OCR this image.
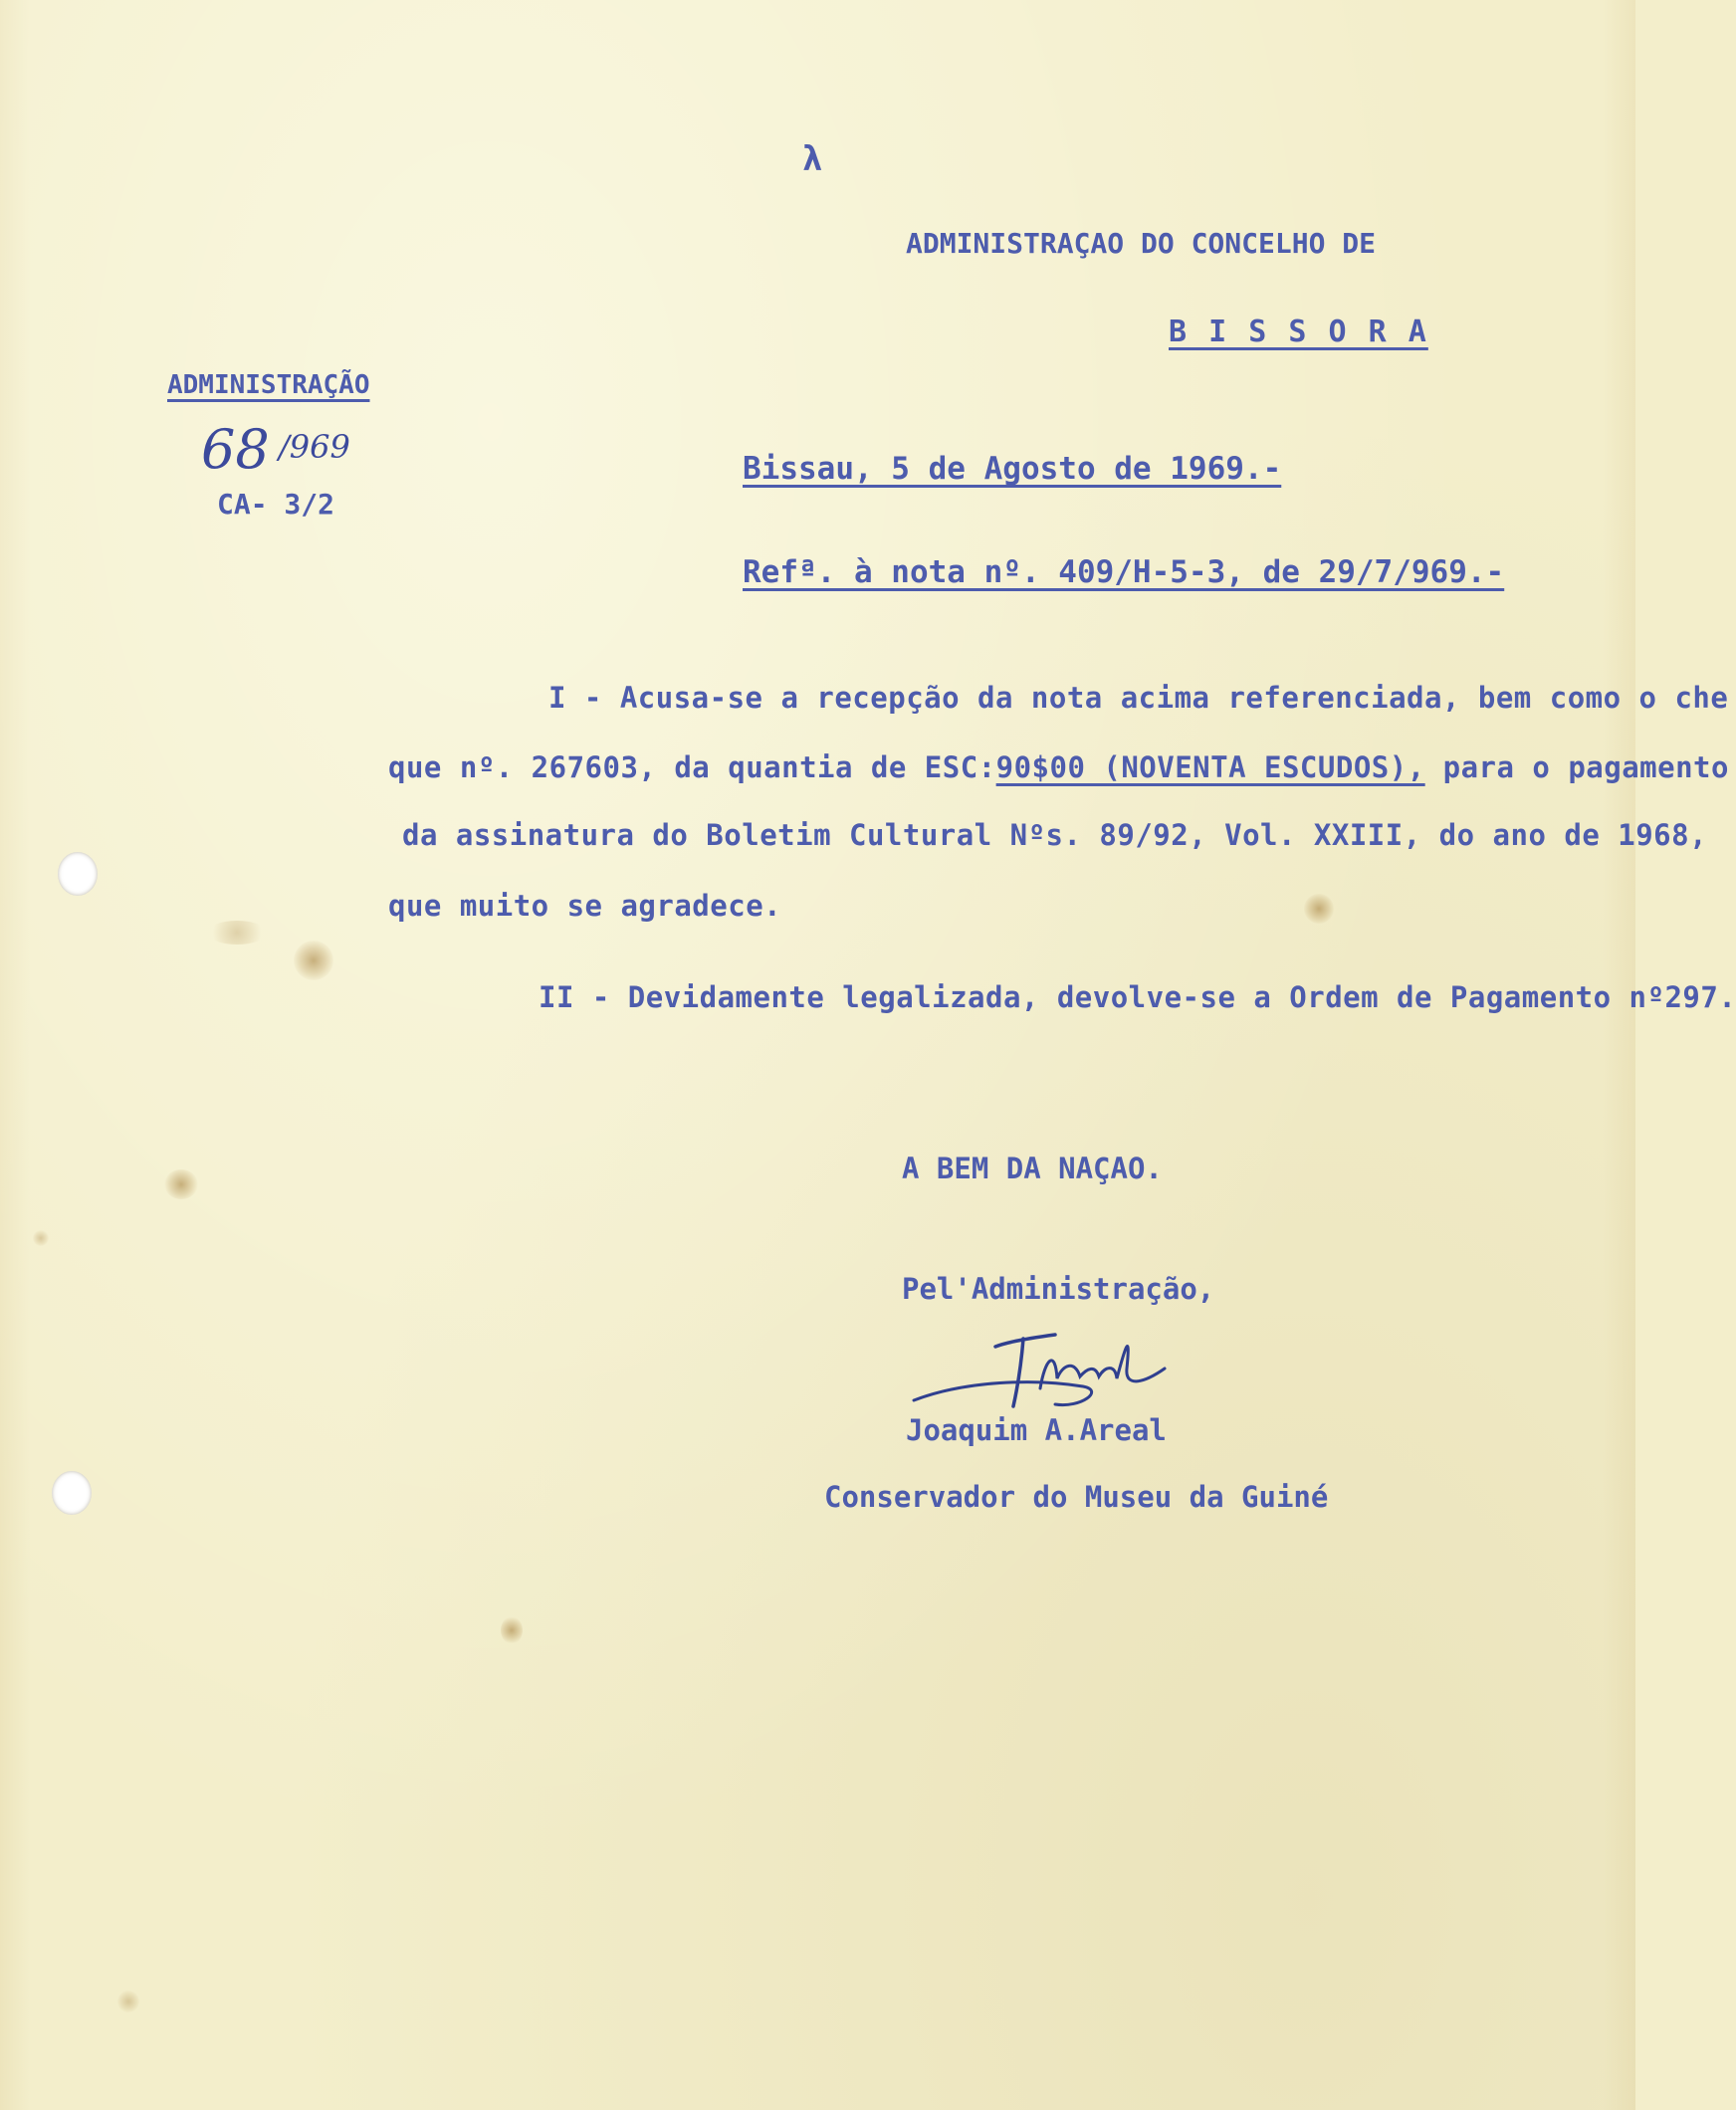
λ
ADMINISTRAÇAO DO CONCELHO DE
B I S S O R A
ADMINISTRAÇÃO
68 /969
CA- 3/2
Bissau, 5 de Agosto de 1969.-
Refª. à nota nº. 409/H-5-3, de 29/7/969.-
I - Acusa-se a recepção da nota acima referenciada, bem como o che
que nº. 267603, da quantia de ESC:90$00 (NOVENTA ESCUDOS), para o pagamento
da assinatura do Boletim Cultural Nºs. 89/92, Vol. XXIII, do ano de 1968,
que muito se agradece.
II - Devidamente legalizada, devolve-se a Ordem de Pagamento nº297.
A BEM DA NAÇAO.
Pel'Administração,
Joaquim A.Areal
Conservador do Museu da Guiné
